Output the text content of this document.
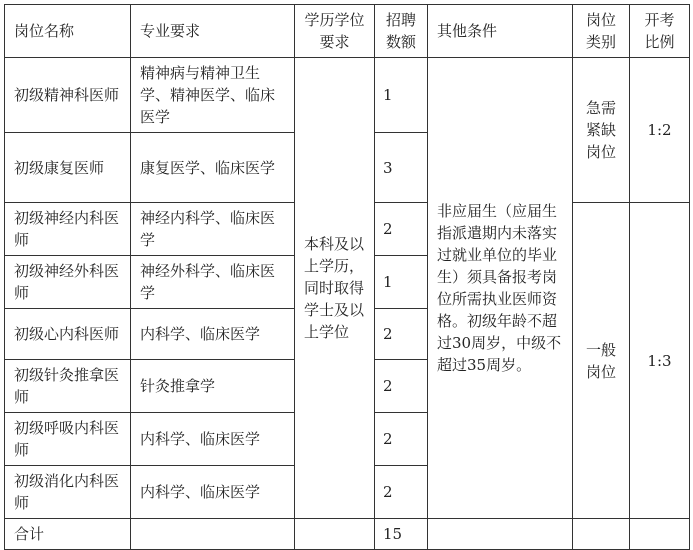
岗位名称	专业要求	学历学位要求	招聘数额	其他条件	岗位类别	开考比例
初级精神科医师	精神病与精神卫生学、精神医学、临床医学	本科及以上学历，同时取得学士及以上学位	1	非应届生（应届生指派遣期内未落实过就业单位的毕业生）须具备报考岗位所需执业医师资格。初级年龄不超过30周岁，中级不超过35周岁。	急需紧缺岗位	1:2
初级康复医师	康复医学、临床医学		3			
初级神经内科医师	神经内科学、临床医学		2		一般岗位	1:3
初级神经外科医师	神经外科学、临床医学		1			
初级心内科医师	内科学、临床医学		2			
初级针灸推拿医师	针灸推拿学		2			
初级呼吸内科医师	内科学、临床医学		2			
初级消化内科医师	内科学、临床医学		2			
合计			15			
